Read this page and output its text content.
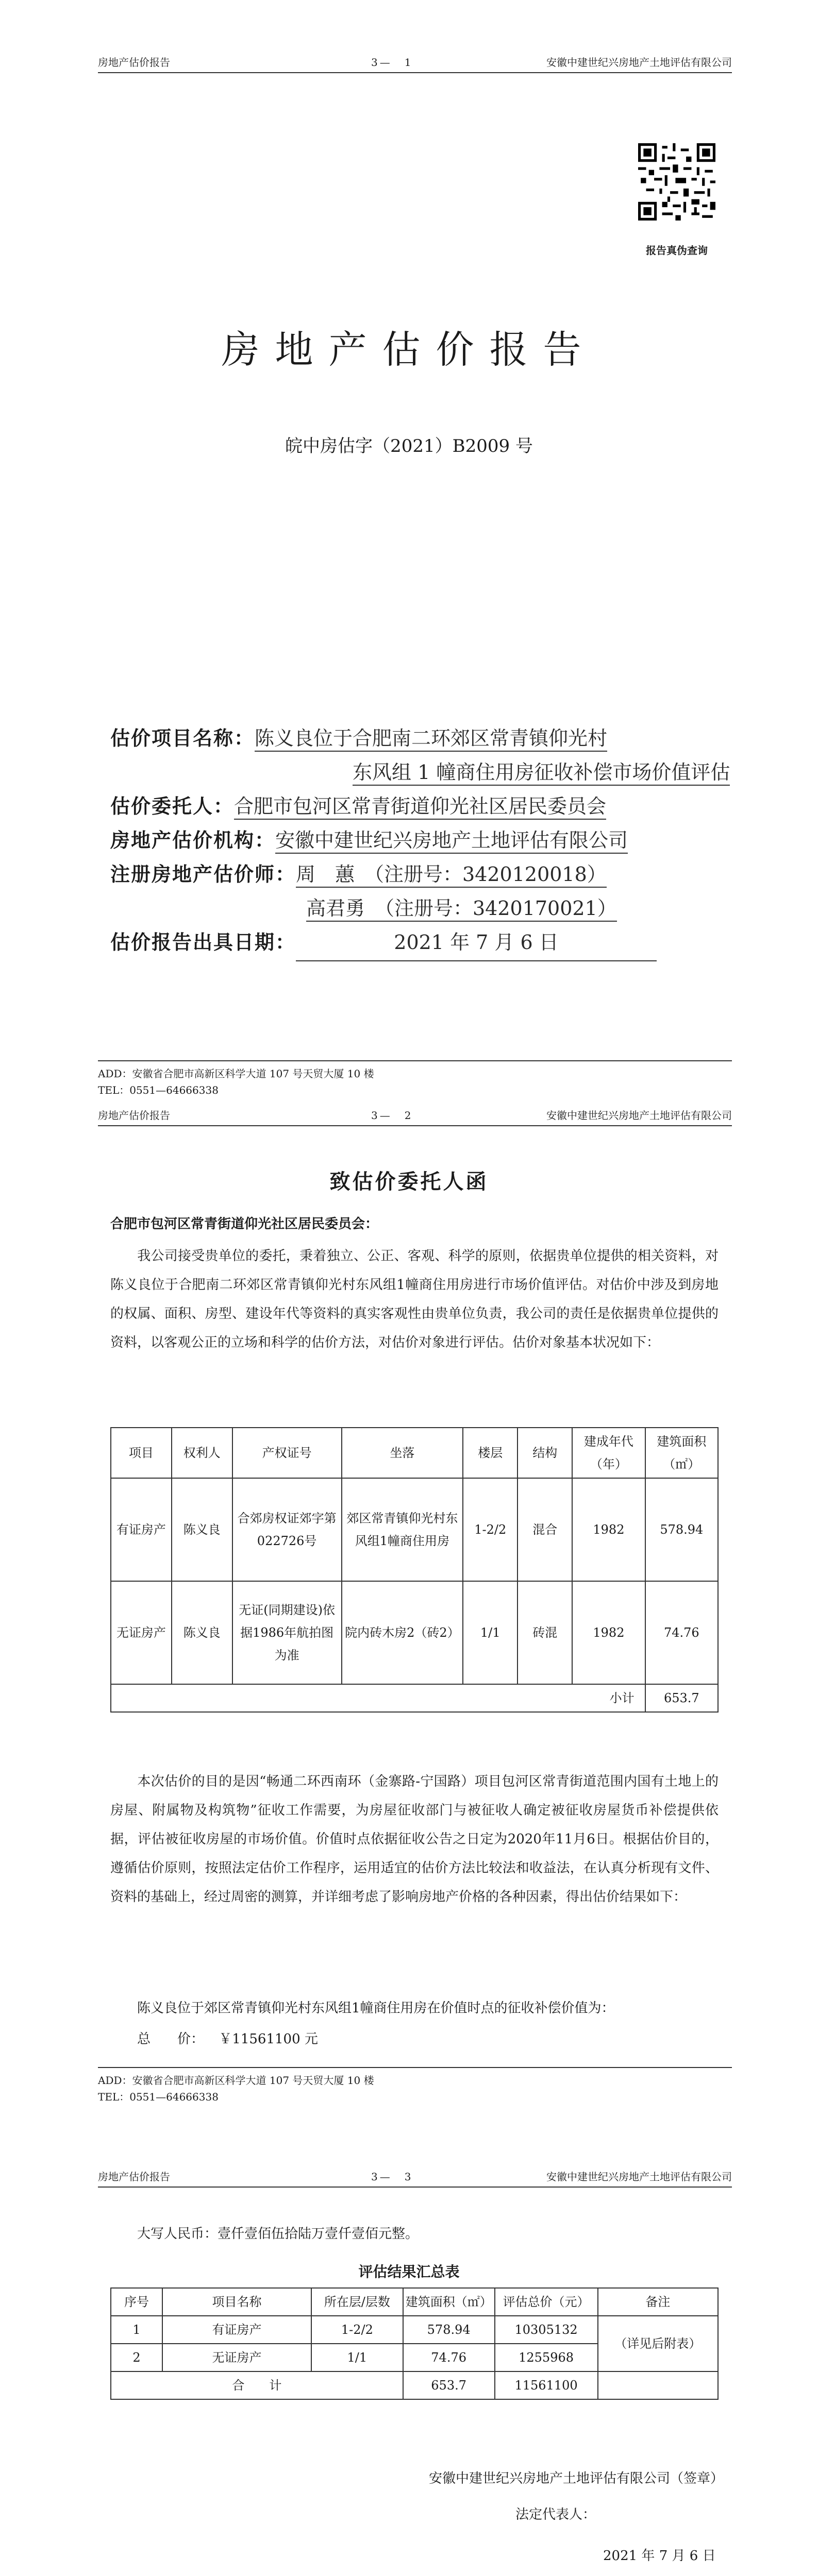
房地产估价报告	3—　1	安徽中建世纪兴房地产土地评估有限公司
报告真伪查询
房地产估价报告
皖中房估字（2021）B2009 号
估价项目名称：陈义良位于合肥南二环郊区常青镇仰光村
东风组 1 幢商住用房征收补偿市场价值评估
估价委托人：合肥市包河区常青街道仰光社区居民委员会
房地产估价机构：安徽中建世纪兴房地产土地评估有限公司
注册房地产估价师：周　蕙　（注册号：3420120018）
高君勇　（注册号：3420170021）
估价报告出具日期：	2021 年 7 月 6 日
ADD：安徽省合肥市高新区科学大道 107 号天贸大厦 10 楼
TEL：0551—64666338
房地产估价报告	3—　2	安徽中建世纪兴房地产土地评估有限公司
致估价委托人函
合肥市包河区常青街道仰光社区居民委员会：
我公司接受贵单位的委托，秉着独立、公正、客观、科学的原则，依据贵单位提供的相关资料，对陈义良位于合肥南二环郊区常青镇仰光村东风组1幢商住用房进行市场价值评估。对估价中涉及到房地的权属、面积、房型、建设年代等资料的真实客观性由贵单位负责，我公司的责任是依据贵单位提供的资料，以客观公正的立场和科学的估价方法，对估价对象进行评估。估价对象基本状况如下：
项目	权利人	产权证号	坐落	楼层	结构	建成年代（年）	建筑面积（㎡）
有证房产	陈义良	合郊房权证郊字第022726号	郊区常青镇仰光村东风组1幢商住用房	1-2/2	混合	1982	578.94
无证房产	陈义良	无证(同期建设)依据1986年航拍图为准	院内砖木房2（砖2）	1/1	砖混	1982	74.76
小计							653.7
本次估价的目的是因“畅通二环西南环（金寨路-宁国路）项目包河区常青街道范围内国有土地上的房屋、附属物及构筑物”征收工作需要，为房屋征收部门与被征收人确定被征收房屋货币补偿提供依据，评估被征收房屋的市场价值。价值时点依据征收公告之日定为2020年11月6日。根据估价目的，遵循估价原则，按照法定估价工作程序，运用适宜的估价方法比较法和收益法，在认真分析现有文件、资料的基础上，经过周密的测算，并详细考虑了影响房地产价格的各种因素，得出估价结果如下：
陈义良位于郊区常青镇仰光村东风组1幢商住用房在价值时点的征收补偿价值为：
总　　价： ￥11561100 元
ADD：安徽省合肥市高新区科学大道 107 号天贸大厦 10 楼
TEL：0551—64666338
房地产估价报告	3—　3	安徽中建世纪兴房地产土地评估有限公司
大写人民币：壹仟壹佰伍拾陆万壹仟壹佰元整。
评估结果汇总表
序号	项目名称	所在层/层数	建筑面积（㎡）	评估总价（元）	备注
1	有证房产	1-2/2	578.94	10305132	（详见后附表）
2	无证房产	1/1	74.76	1255968	
合　　计			653.7	11561100	
安徽中建世纪兴房地产土地评估有限公司（签章）
法定代表人：
2021 年 7 月 6 日
